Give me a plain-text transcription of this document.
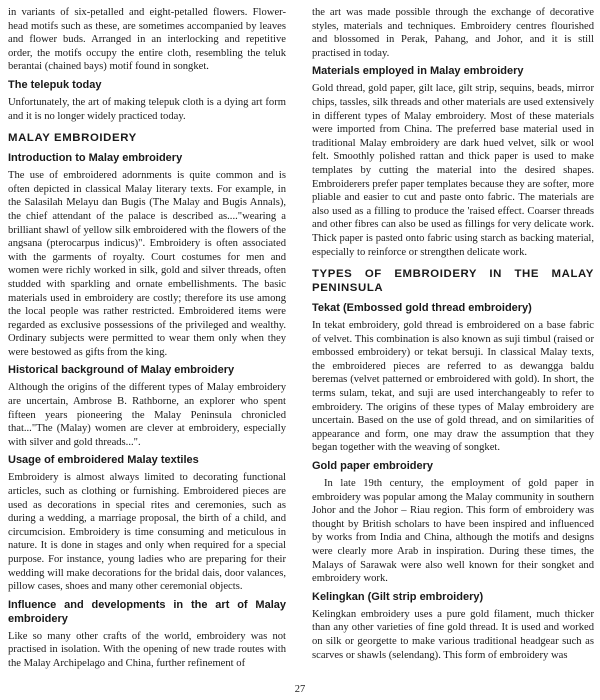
in variants of six-petalled and eight-petalled flowers. Flower-head motifs such as these, are sometimes accompanied by leaves and flower buds. Arranged in an interlocking and repetitive order, the motifs occupy the entire cloth, resembling the teluk berantai (chained bays) motif found in songket.

The telepuk today

Unfortunately, the art of making telepuk cloth is a dying art form and it is no longer widely practiced today.

MALAY EMBROIDERY
Introduction to Malay embroidery

The use of embroidered adornments is quite common and is often depicted in classical Malay literary texts. For example, in the Salasilah Melayu dan Bugis (The Malay and Bugis Annals), the chief attendant of the palace is described as...."wearing a brilliant shawl of yellow silk embroidered with the flowers of the angsana (pterocarpus indicus)". Embroidery is often associated with the garments of royalty. Court costumes for men and women were richly worked in silk, gold and silver threads, often studded with sparkling and ornate embellishments. The basic materials used in embroidery are costly; therefore its use among the local people was rather restricted. Embroidered items were regarded as exclusive possessions of the privileged and wealthy. Ordinary subjects were permitted to wear them only when they were bestowed as gifts from the king.

Historical background of Malay embroidery

Although the origins of the different types of Malay embroidery are uncertain, Ambrose B. Rathborne, an explorer who spent fifteen years pioneering the Malay Peninsula chronicled that..."The (Malay) women are clever at embroidery, especially with silver and gold threads...".

Usage of embroidered Malay textiles

Embroidery is almost always limited to decorating functional articles, such as clothing or furnishing. Embroidered pieces are used as decorations in special rites and ceremonies, such as during a wedding, a marriage proposal, the birth of a child, and circumcision. Embroidery is time consuming and meticulous in nature. It is done in stages and only when required for a special purpose. For instance, young ladies who are preparing for their wedding will make decorations for the bridal dais, door valances, pillow cases, shoes and many other ceremonial objects.

Influence and developments in the art of Malay embroidery

Like so many other crafts of the world, embroidery was not practised in isolation. With the opening of new trade routes with the Malay Archipelago and China, further refinement of

the art was made possible through the exchange of decorative styles, materials and techniques. Embroidery centres flourished and blossomed in Perak, Pahang, and Johor, and it is still practised in today.

Materials employed in Malay embroidery

Gold thread, gold paper, gilt lace, gilt strip, sequins, beads, mirror chips, tassles, silk threads and other materials are used extensively in different types of Malay embroidery. Most of these materials were imported from China. The preferred base material used in traditional Malay embroidery are dark hued velvet, silk or wool felt. Smoothly polished rattan and thick paper is used to make templates by cutting the material into the desired shapes. Embroiderers prefer paper templates because they are softer, more pliable and easier to cut and paste onto fabric. The materials are also used as a filling to produce the 'raised effect. Coarser threads and other fibres can also be used as fillings for very delicate work. Thick paper is pasted onto fabric using starch as backing material, especially to reinforce or strengthen delicate work.

TYPES OF EMBROIDERY IN THE MALAY PENINSULA
Tekat (Embossed gold thread embroidery)

In tekat embroidery, gold thread is embroidered on a base fabric of velvet. This combination is also known as suji timbul (raised or embossed embroidery) or tekat bersuji. In classical Malay texts, the embroidered pieces are referred to as dewangga baldu beremas (velvet patterned or embroidered with gold). In short, the terms sulam, tekat, and suji are used interchangeably to refer to embroidery. The origins of these types of Malay embroidery are uncertain. Based on the use of gold thread, and on similarities of appearance and form, one may draw the assumption that they began together with the weaving of songket.

Gold paper embroidery

In late 19th century, the employment of gold paper in embroidery was popular among the Malay community in southern Johor and the Johor – Riau region. This form of embroidery was thought by British scholars to have been inspired and influenced by works from India and China, although the motifs and designs were clearly more Arab in inspiration. During these times, the Malays of Sarawak were also well known for their songket and embroidery work.

Kelingkan (Gilt strip embroidery)

Kelingkan embroidery uses a pure gold filament, much thicker than any other varieties of fine gold thread. It is used and worked on silk or georgette to make various traditional headgear such as scarves or shawls (selendang). This form of embroidery was

27
